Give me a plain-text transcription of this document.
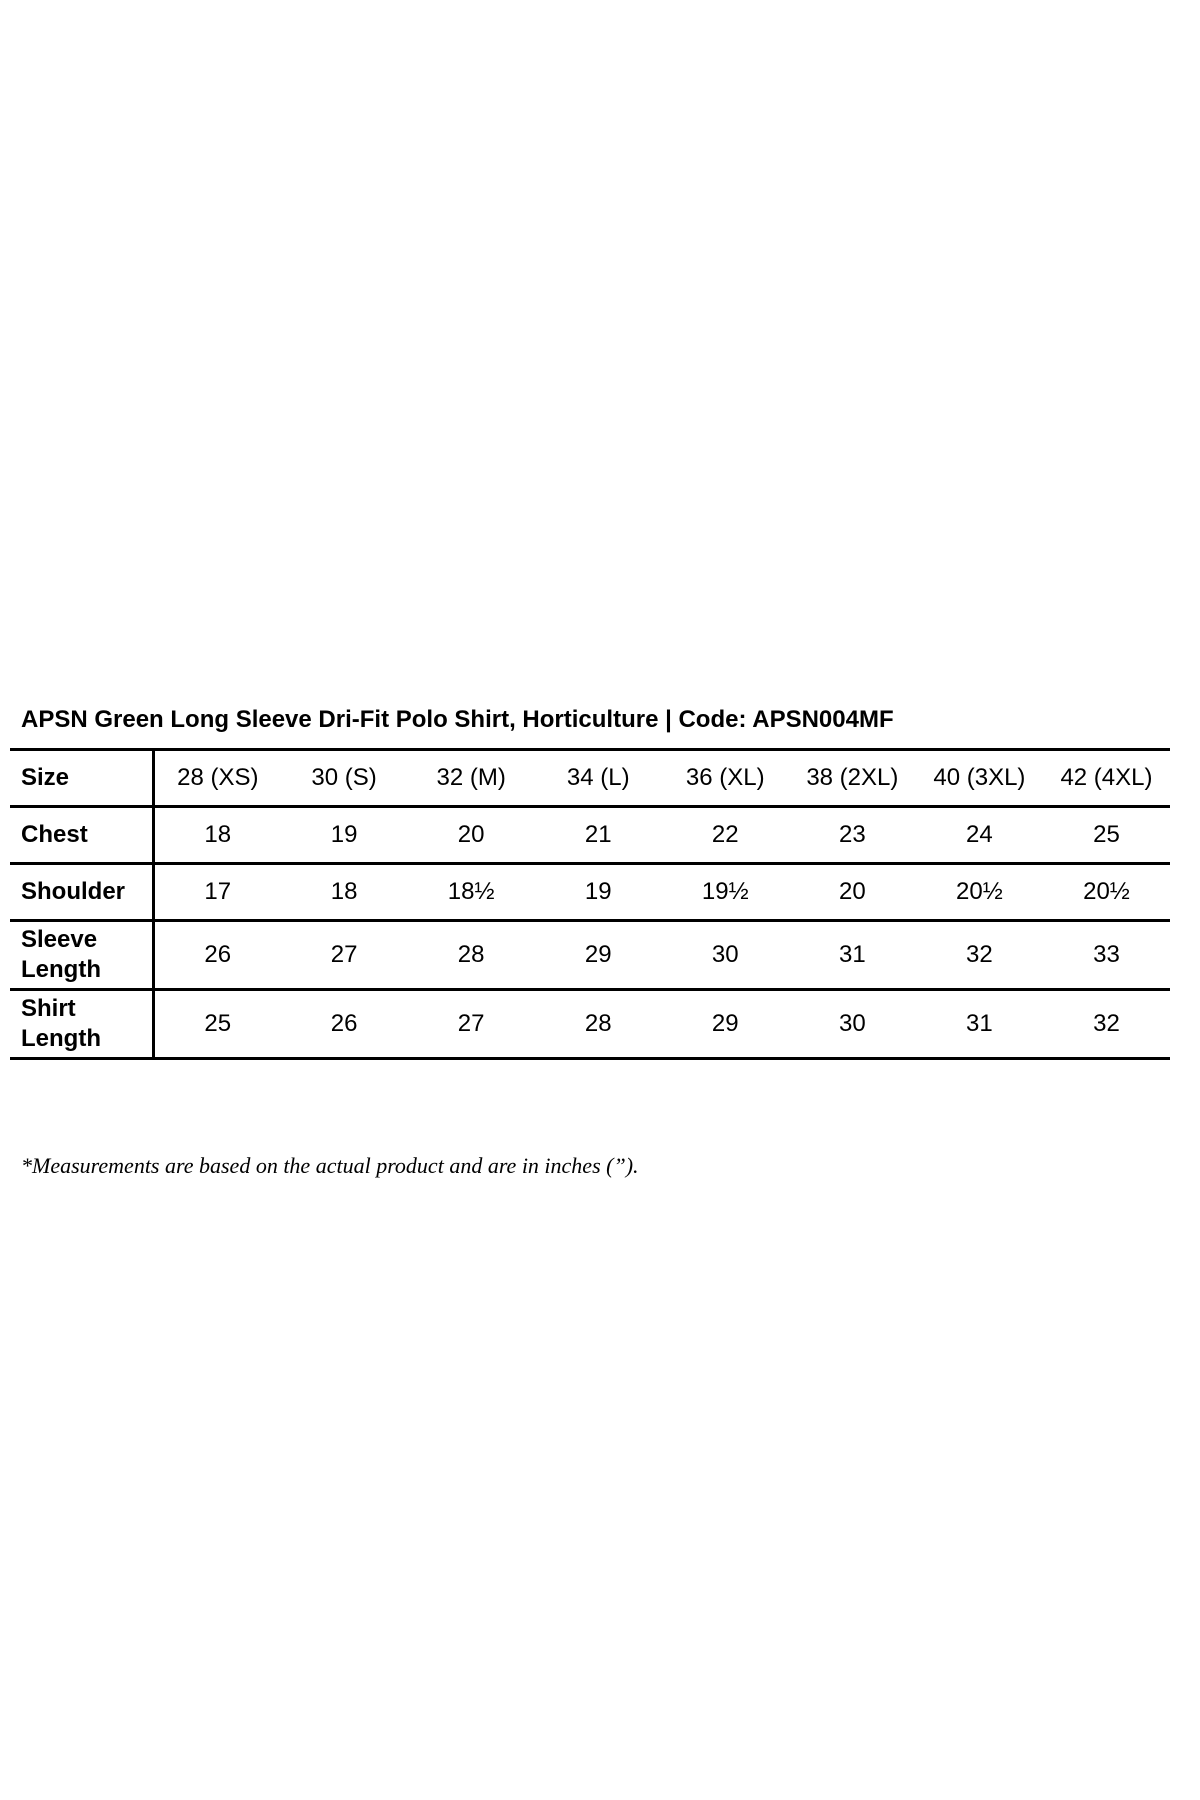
APSN Green Long Sleeve Dri-Fit Polo Shirt, Horticulture | Code: APSN004MF
Size	28 (XS)	30 (S)	32 (M)	34 (L)	36 (XL)	38 (2XL)	40 (3XL)	42 (4XL)
Chest	18	19	20	21	22	23	24	25
Shoulder	17	18	18½	19	19½	20	20½	20½
Sleeve Length	26	27	28	29	30	31	32	33
Shirt Length	25	26	27	28	29	30	31	32

*Measurements are based on the actual product and are in inches (”).
